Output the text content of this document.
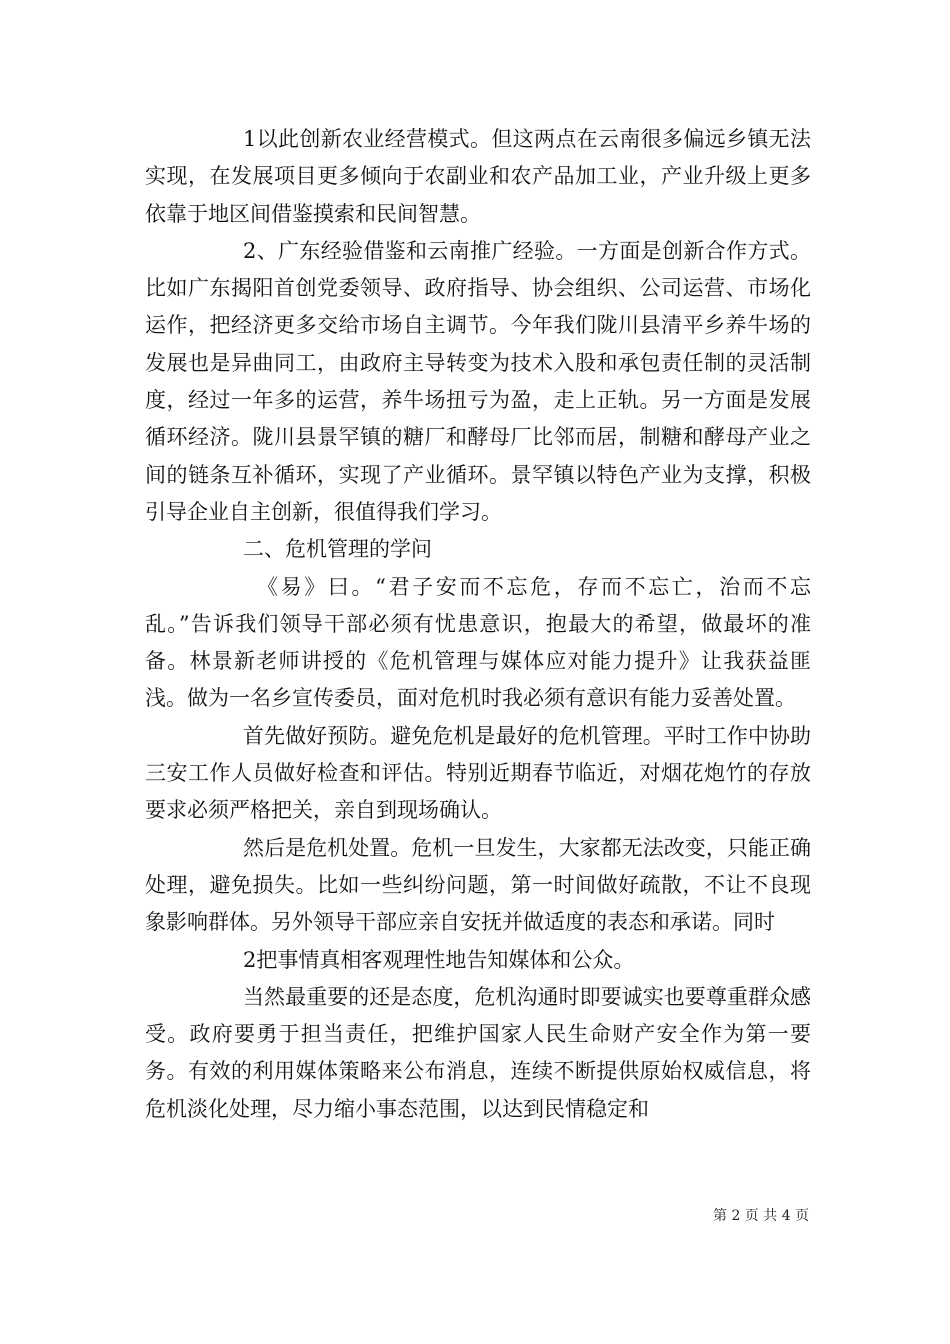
1以此创新农业经营模式。但这两点在云南很多偏远乡镇无法实现，在发展项目更多倾向于农副业和农产品加工业，产业升级上更多依靠于地区间借鉴摸索和民间智慧。

2、广东经验借鉴和云南推广经验。一方面是创新合作方式。比如广东揭阳首创党委领导、政府指导、协会组织、公司运营、市场化运作，把经济更多交给市场自主调节。今年我们陇川县清平乡养牛场的发展也是异曲同工，由政府主导转变为技术入股和承包责任制的灵活制度，经过一年多的运营，养牛场扭亏为盈，走上正轨。另一方面是发展循环经济。陇川县景罕镇的糖厂和酵母厂比邻而居，制糖和酵母产业之间的链条互补循环，实现了产业循环。景罕镇以特色产业为支撑，积极引导企业自主创新，很值得我们学习。

二、危机管理的学问

《易》曰。“君子安而不忘危，存而不忘亡，治而不忘乱。”告诉我们领导干部必须有忧患意识，抱最大的希望，做最坏的准备。林景新老师讲授的《危机管理与媒体应对能力提升》让我获益匪浅。做为一名乡宣传委员，面对危机时我必须有意识有能力妥善处置。

首先做好预防。避免危机是最好的危机管理。平时工作中协助三安工作人员做好检查和评估。特别近期春节临近，对烟花炮竹的存放要求必须严格把关，亲自到现场确认。

然后是危机处置。危机一旦发生，大家都无法改变，只能正确处理，避免损失。比如一些纠纷问题，第一时间做好疏散，不让不良现象影响群体。另外领导干部应亲自安抚并做适度的表态和承诺。同时

2把事情真相客观理性地告知媒体和公众。

当然最重要的还是态度，危机沟通时即要诚实也要尊重群众感受。政府要勇于担当责任，把维护国家人民生命财产安全作为第一要务。有效的利用媒体策略来公布消息，连续不断提供原始权威信息，将危机淡化处理，尽力缩小事态范围，以达到民情稳定和

第 2 页 共 4 页
